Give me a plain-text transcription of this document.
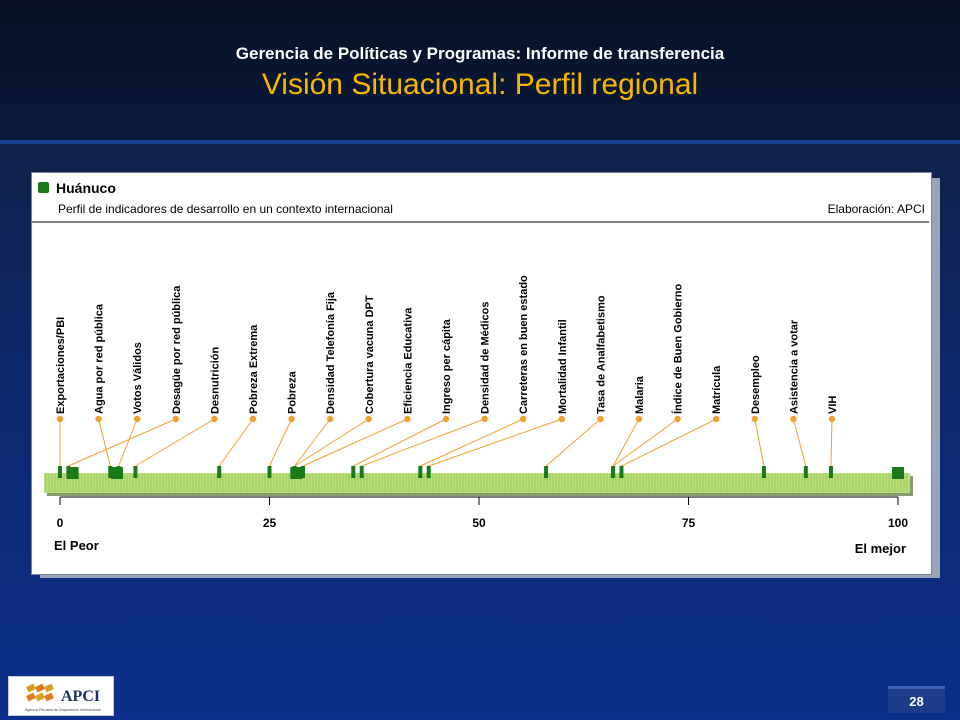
Gerencia de Políticas y Programas: Informe de transferencia
Visión Situacional: Perfil regional
Huánuco
Perfil de indicadores de desarrollo en un contexto internacional	Elaboración: APCI
Exportaciones/PBI Agua por red pública Votos Válidos Desagüe por red pública Desnutrición Pobreza Extrema Pobreza Densidad Telefonía Fija Cobertura vacuna DPT Eficiencia Educativa Ingreso per cápita Densidad de Médicos Carreteras en buen estado Mortalidad Infantil Tasa de Analfabetismo Malaria Índice de Buen Gobierno Matrícula Desempleo Asistencia a votar VIH
0	25	50	75	100
El Peor	El mejor
APCI
Agencia Peruana de Cooperación Internacional
28
